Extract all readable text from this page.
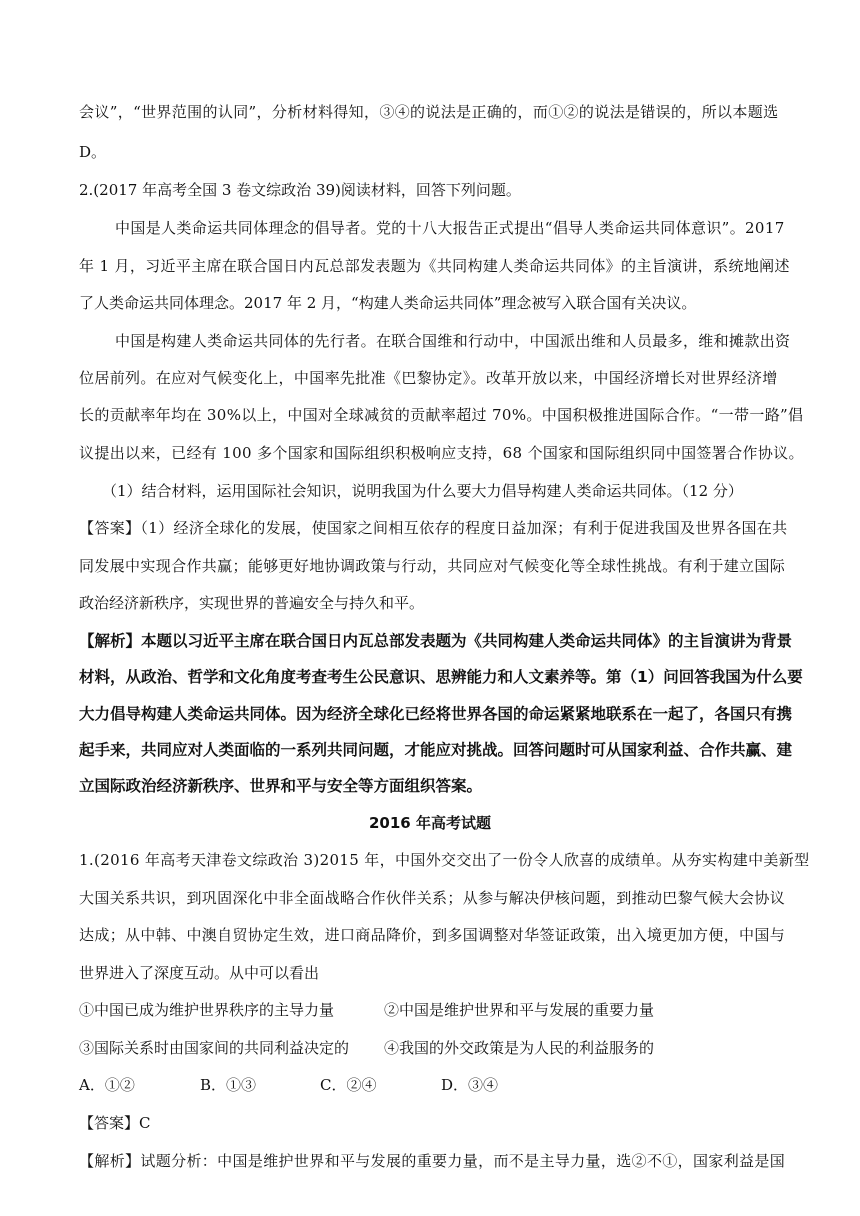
会议”，“世界范围的认同”，分析材料得知，③④的说法是正确的，而①②的说法是错误的，所以本题选
D。
2.(2017 年高考全国 3 卷文综政治 39)阅读材料，回答下列问题。
中国是人类命运共同体理念的倡导者。党的十八大报告正式提出“倡导人类命运共同体意识”。2017
年 1 月，习近平主席在联合国日内瓦总部发表题为《共同构建人类命运共同体》的主旨演讲，系统地阐述
了人类命运共同体理念。2017 年 2 月，“构建人类命运共同体”理念被写入联合国有关决议。
中国是构建人类命运共同体的先行者。在联合国维和行动中，中国派出维和人员最多，维和摊款出资
位居前列。在应对气候变化上，中国率先批准《巴黎协定》。改革开放以来，中国经济增长对世界经济增
长的贡献率年均在 30%以上，中国对全球减贫的贡献率超过 70%。中国积极推进国际合作。“一带一路”倡
议提出以来，已经有 100 多个国家和国际组织积极响应支持，68 个国家和国际组织同中国签署合作协议。
（1）结合材料，运用国际社会知识，说明我国为什么要大力倡导构建人类命运共同体。（12 分）
【答案】（1）经济全球化的发展，使国家之间相互依存的程度日益加深；有利于促进我国及世界各国在共
同发展中实现合作共赢；能够更好地协调政策与行动，共同应对气候变化等全球性挑战。有利于建立国际
政治经济新秩序，实现世界的普遍安全与持久和平。
【解析】本题以习近平主席在联合国日内瓦总部发表题为《共同构建人类命运共同体》的主旨演讲为背景
材料，从政治、哲学和文化角度考查考生公民意识、思辨能力和人文素养等。第（1）问回答我国为什么要
大力倡导构建人类命运共同体。因为经济全球化已经将世界各国的命运紧紧地联系在一起了，各国只有携
起手来，共同应对人类面临的一系列共同问题，才能应对挑战。回答问题时可从国家利益、合作共赢、建
立国际政治经济新秩序、世界和平与安全等方面组织答案。
2016 年高考试题
1.(2016 年高考天津卷文综政治 3)2015 年，中国外交交出了一份令人欣喜的成绩单。从夯实构建中美新型
大国关系共识，到巩固深化中非全面战略合作伙伴关系；从参与解决伊核问题，到推动巴黎气候大会协议
达成；从中韩、中澳自贸协定生效，进口商品降价，到多国调整对华签证政策，出入境更加方便，中国与
世界进入了深度互动。从中可以看出
①中国已成为维护世界秩序的主导力量	②中国是维护世界和平与发展的重要力量
③国际关系时由国家间的共同利益决定的 ④我国的外交政策是为人民的利益服务的
A．①②	B．①③	C．②④	D．③④
【答案】C
【解析】试题分析：中国是维护世界和平与发展的重要力量，而不是主导力量，选②不①，国家利益是国
